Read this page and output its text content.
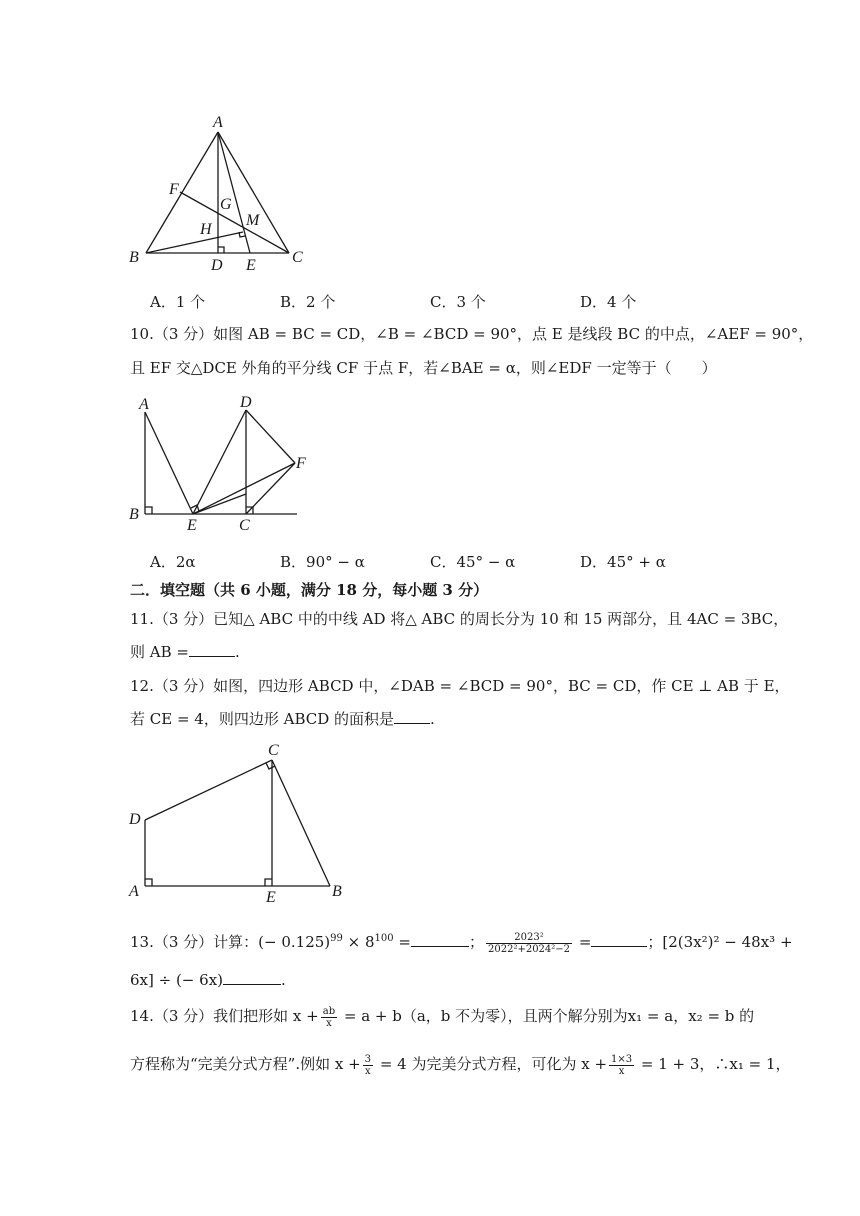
A
B	C
D E
F
G
H
M
A．1 个	B．2 个	C．3 个	D．4 个
10.（3 分）如图 AB = BC = CD，∠B = ∠BCD = 90°，点 E 是线段 BC 的中点，∠AEF = 90°，
且 EF 交△DCE 外角的平分线 CF 于点 F，若∠BAE = α，则∠EDF 一定等于（　　）
A
B
E	C
D
F
A．2α	B．90° − α	C．45° − α	D．45° + α
二．填空题（共 6 小题，满分 18 分，每小题 3 分）
11.（3 分）已知△ ABC 中的中线 AD 将△ ABC 的周长分为 10 和 15 两部分，且 4AC = 3BC，
则 AB =	.
12.（3 分）如图，四边形 ABCD 中，∠DAB = ∠BCD = 90°，BC = CD，作 CE ⊥ AB 于 E，
若 CE = 4，则四边形 ABCD 的面积是 .
C
D
A	E	B
13.（3 分）计算：(− $0.125)^{99} \times 8^{100}$ =	； $\frac{\text{2023²}}{\text{2022²+2024²−2}}$ =	；[2(3x²)² − 48x³ +
6x] ÷ (− 6x)	.
14.（3 分）我们把形如 $x + \frac{ab}{x} = a + b(a$，b 不为零），且两个解分别为x₁ = a，x₂ = b 的
方程称为“完美分式方程”.例如 $x + \frac{3}{x} = 4$ 为完美分式方程，可化为 $x + \frac{1\times 3}{x} = 1 + 3$，∴x₁ = 1，
